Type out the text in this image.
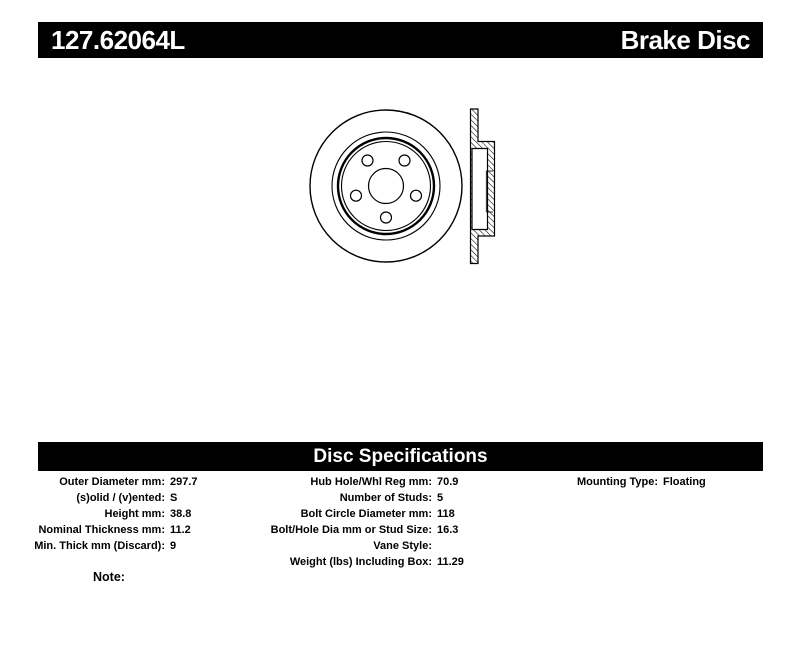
127.62064L	Brake Disc
Disc Specifications
Outer Diameter mm: 297.7
(s)olid / (v)ented: S
Height mm: 38.8
Nominal Thickness mm: 11.2
Min. Thick mm (Discard): 9
Hub Hole/Whl Reg mm: 70.9
Number of Studs: 5
Bolt Circle Diameter mm: 118
Bolt/Hole Dia mm or Stud Size: 16.3
Vane Style:
Weight (lbs) Including Box: 11.29
Mounting Type: Floating
Note:
